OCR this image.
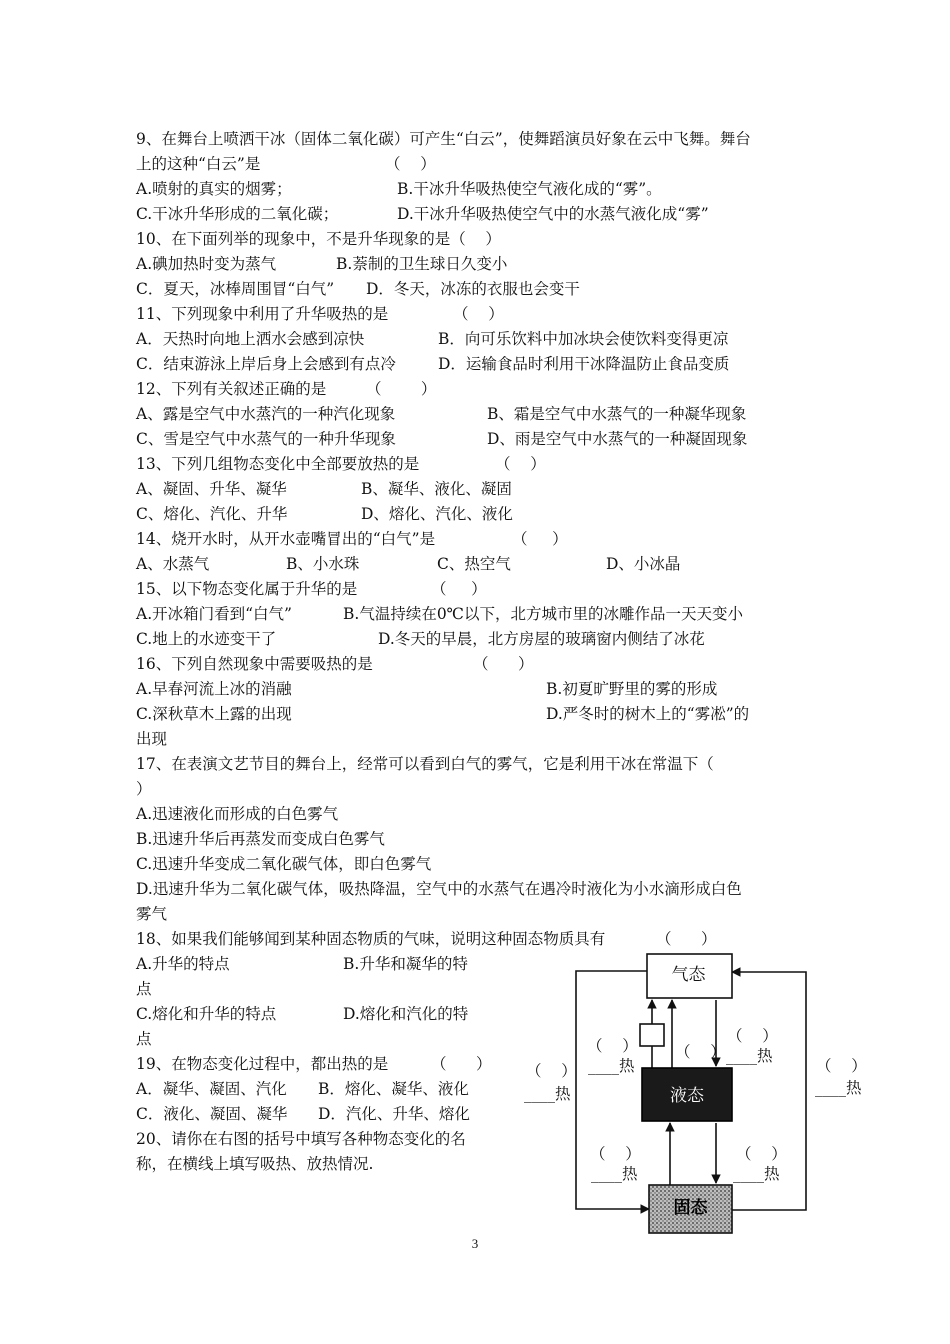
9、在舞台上喷洒干冰（固体二氧化碳）可产生“白云”，使舞蹈演员好象在云中飞舞。舞台
上的这种“白云”是	（    ）
A.喷射的真实的烟雾；	B.干冰升华吸热使空气液化成的“雾”。
C.干冰升华形成的二氧化碳；	D.干冰升华吸热使空气中的水蒸气液化成“雾”
10、在下面列举的现象中，不是升华现象的是（    ）
A.碘加热时变为蒸气	B.萘制的卫生球日久变小
C．夏天，冰棒周围冒“白气” D．冬天，冰冻的衣服也会变干
11、下列现象中利用了升华吸热的是	（    ）
A．天热时向地上洒水会感到凉快	B．向可乐饮料中加冰块会使饮料变得更凉
C．结束游泳上岸后身上会感到有点冷	D．运输食品时利用干冰降温防止食品变质
12、下列有关叙述正确的是	（        ）
A、露是空气中水蒸汽的一种汽化现象	B、霜是空气中水蒸气的一种凝华现象
C、雪是空气中水蒸气的一种升华现象	D、雨是空气中水蒸气的一种凝固现象
13、下列几组物态变化中全部要放热的是	（    ）
A、凝固、升华、凝华	B、凝华、液化、凝固
C、熔化、汽化、升华	D、熔化、汽化、液化
14、烧开水时，从开水壶嘴冒出的“白气”是	（     ）
A、水蒸气	B、小水珠	C、热空气	D、小冰晶
15、以下物态变化属于升华的是	（     ）
A.开冰箱门看到“白气”	B.气温持续在0℃以下，北方城市里的冰雕作品一天天变小
C.地上的水迹变干了	D.冬天的早晨，北方房屋的玻璃窗内侧结了冰花
16、下列自然现象中需要吸热的是	（      ）
A.早春河流上冰的消融	B.初夏旷野里的雾的形成
C.深秋草木上露的出现	D.严冬时的树木上的“雾凇”的
出现
17、在表演文艺节目的舞台上，经常可以看到白气的雾气，它是利用干冰在常温下（
）
A.迅速液化而形成的白色雾气
B.迅速升华后再蒸发而变成白色雾气
C.迅速升华变成二氧化碳气体，即白色雾气
D.迅速升华为二氧化碳气体，吸热降温，空气中的水蒸气在遇冷时液化为小水滴形成白色
雾气
18、如果我们能够闻到某种固态物质的气味，说明这种固态物质具有	（      ）
A.升华的特点	B.升华和凝华的特
点
C.熔化和升华的特点	D.熔化和汽化的特
点
19、在物态变化过程中，都出热的是	（      ）
A．凝华、凝固、汽化 B．熔化、凝华、液化
C．液化、凝固、凝华 D．汽化、升华、熔化
20、请你在右图的括号中填写各种物态变化的名
称，在横线上填写吸热、放热情况.
气态
液态
固态
（    ）
____热
（    ） （    ）
____热
（    ）
____热
（    ）
____热
（    ）
____热
（    ）
____热
3
